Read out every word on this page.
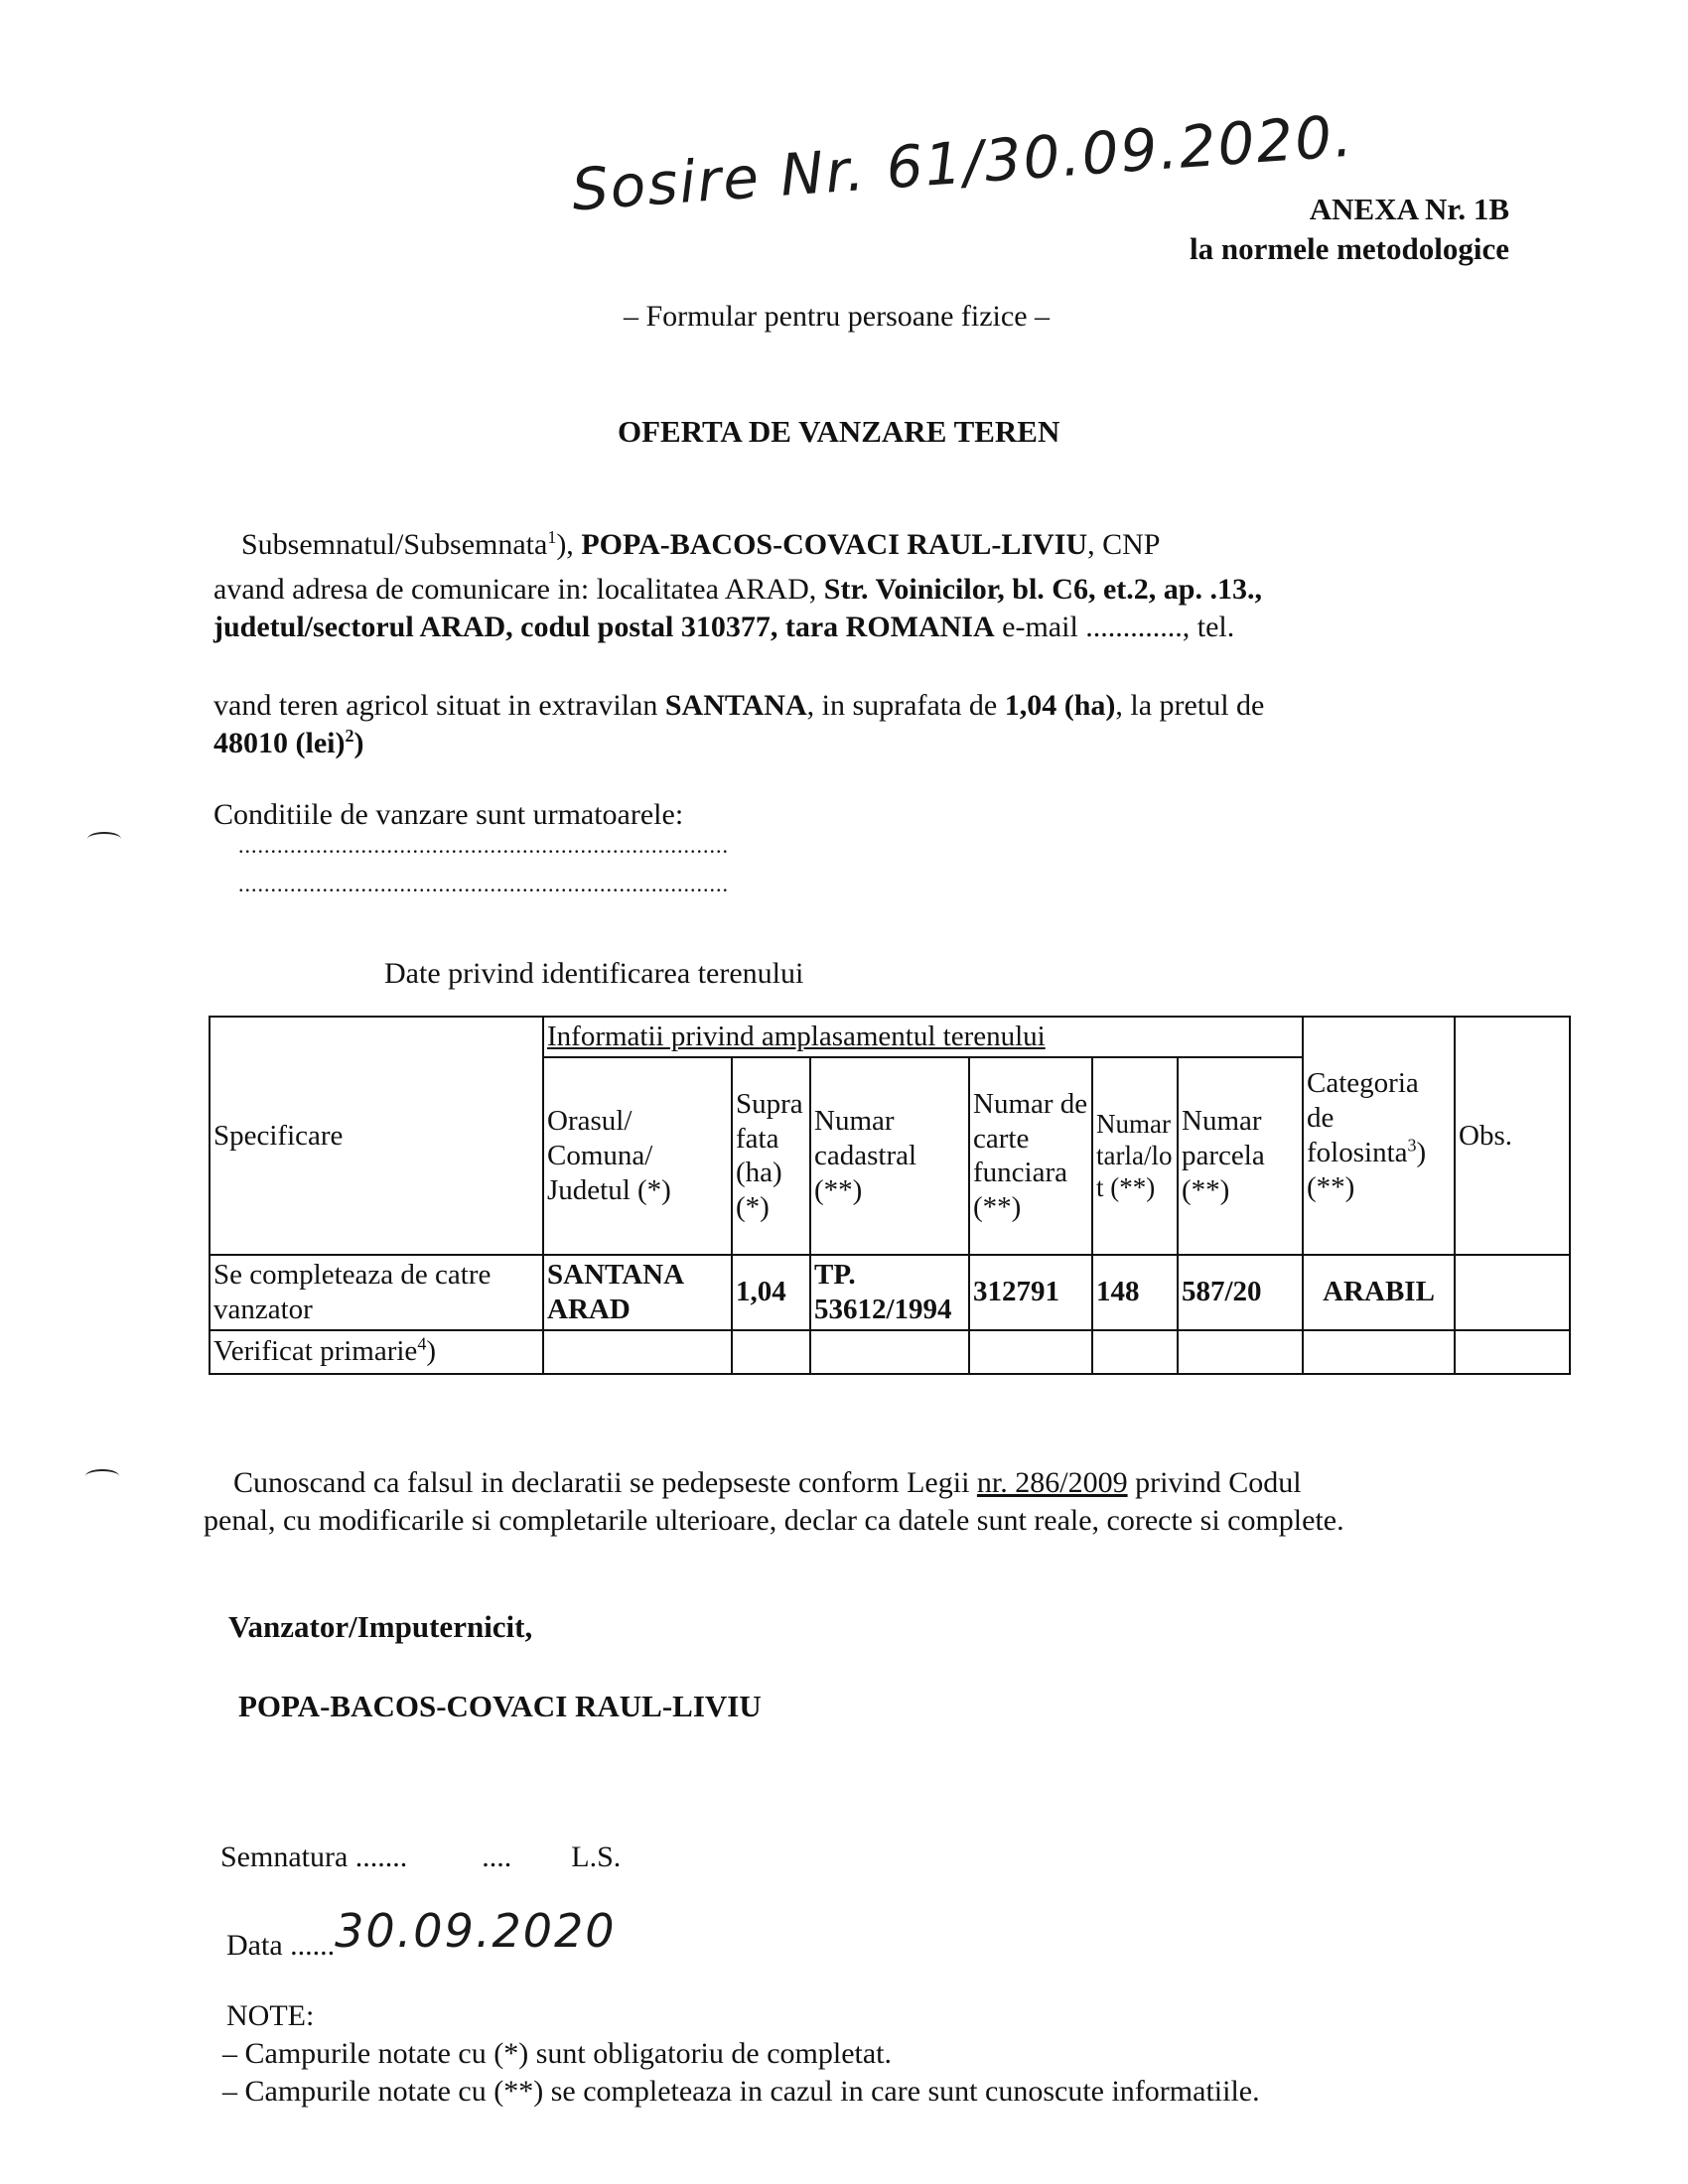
Sosire Nr. 61/30.09.2020.
ANEXA Nr. 1B
la normele metodologice
– Formular pentru persoane fizice –
OFERTA DE VANZARE TEREN
Subsemnatul/Subsemnata$^1$), POPA-BACOS-COVACI RAUL-LIVIU, CNP
avand adresa de comunicare in: localitatea ARAD, Str. Voinicilor, bl. C6, et.2, ap. .13.,
judetul/sectorul ARAD, codul postal 310377, tara ROMANIA e-mail ............., tel.
vand teren agricol situat in extravilan SANTANA, in suprafata de 1,04 (ha), la pretul de
48010 (lei)$^2$)
Conditiile de vanzare sunt urmatoarele:
............................................................................
............................................................................
Date privind identificarea terenului
Specificare	Informatii privind amplasamentul terenului						Categoria de folosinta$^3$) (**)	Obs.
	Orasul/ Comuna/ Judetul (*)	Suprafata (ha) (*)	Numar cadastral (**)	Numar de carte funciara (**)	Numar tarla/lot (**)	Numar parcela (**)		
Se completeaza de catre vanzator	SANTANA ARAD	1,04	TP. 53612/1994	312791	148	587/20	ARABIL	
Verificat primarie$^4$)								
Cunoscand ca falsul in declaratii se pedepseste conform Legii nr. 286/2009 privind Codul
penal, cu modificarile si completarile ulterioare, declar ca datele sunt reale, corecte si complete.
Vanzator/Imputernicit,
POPA-BACOS-COVACI RAUL-LIVIU
Semnatura .......          ....        L.S.
Data ......30.09.2020
NOTE:
– Campurile notate cu (*) sunt obligatoriu de completat.
– Campurile notate cu (**) se completeaza in cazul in care sunt cunoscute informatiile.
